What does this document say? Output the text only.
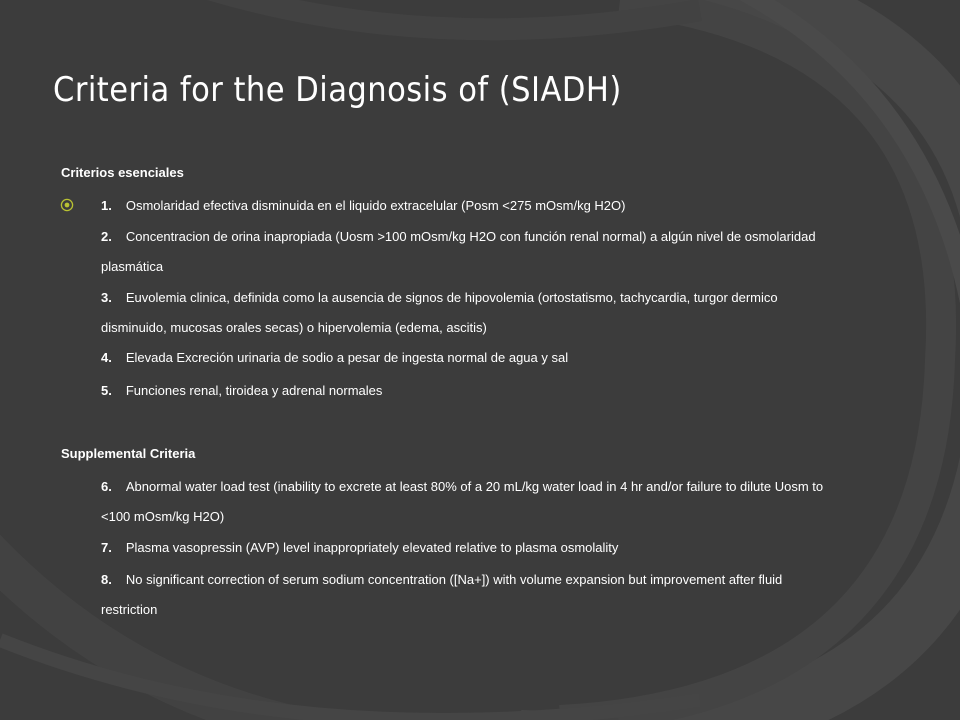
Criteria for the Diagnosis of (SIADH)
Criterios esenciales
1. Osmolaridad efectiva disminuida en el liquido extracelular (Posm <275 mOsm/kg H2O)
2. Concentracion de orina inapropiada (Uosm >100 mOsm/kg H2O con función renal normal) a algún nivel de osmolaridad plasmática
3. Euvolemia clinica, definida como la ausencia de signos de hipovolemia (ortostatismo, tachycardia, turgor dermico disminuido, mucosas orales secas) o hipervolemia (edema, ascitis)
4. Elevada Excreción urinaria de sodio a pesar de ingesta normal de agua y sal
5. Funciones renal, tiroidea y adrenal normales
Supplemental Criteria
6. Abnormal water load test (inability to excrete at least 80% of a 20 mL/kg water load in 4 hr and/or failure to dilute Uosm to <100 mOsm/kg H2O)
7. Plasma vasopressin (AVP) level inappropriately elevated relative to plasma osmolality
8. No significant correction of serum sodium concentration ([Na+]) with volume expansion but improvement after fluid restriction
